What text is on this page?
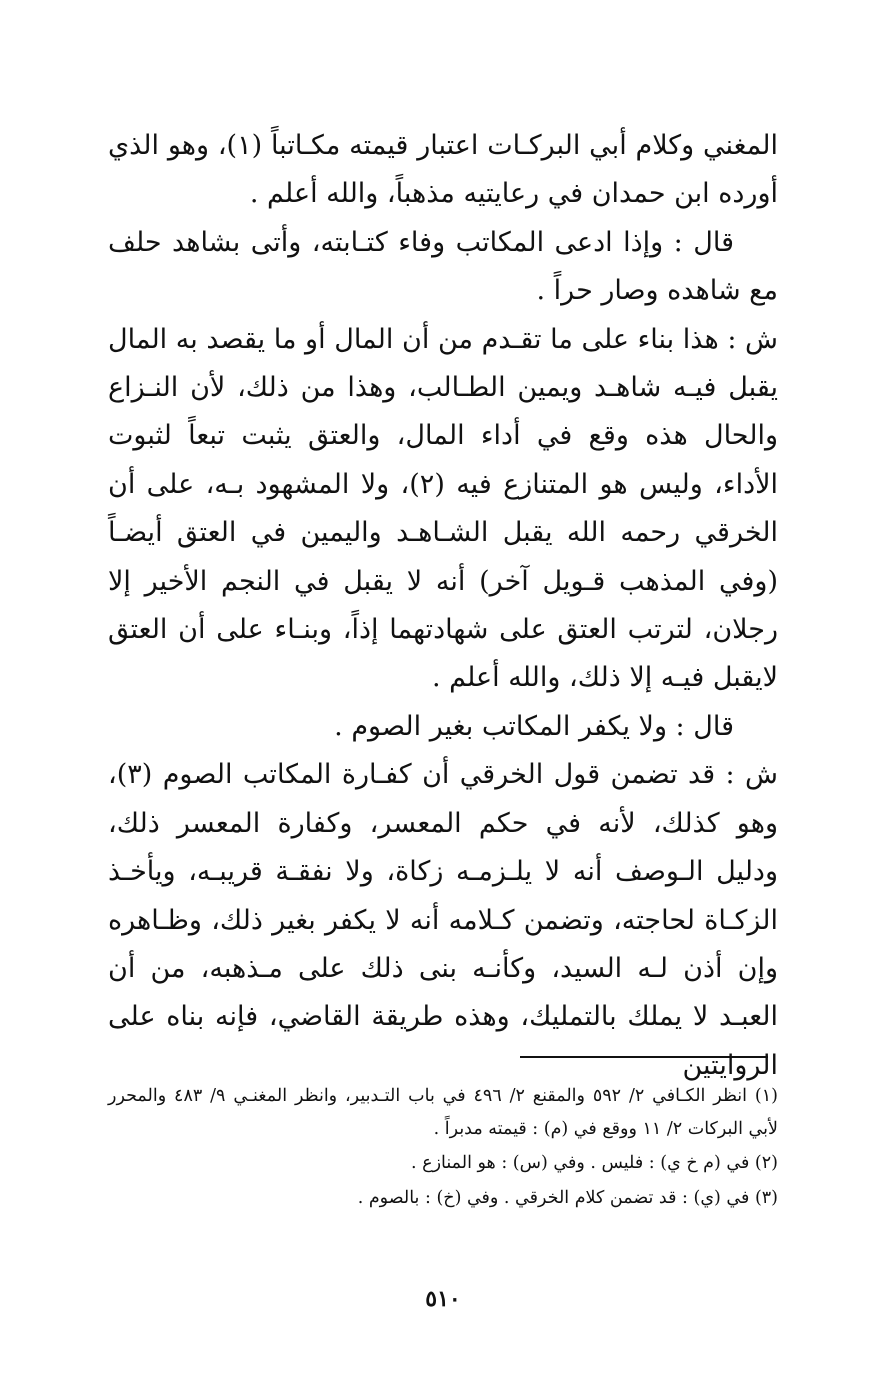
المغني وكلام أبي البركـات اعتبار قيمته مكـاتباً (١)، وهو الذي أورده ابن حمدان في رعايتيه مذهباً، والله أعلم .

قال : وإذا ادعى المكاتب وفاء كتـابته، وأتى بشاهد حلف مع شاهده وصار حراً .

ش : هذا بناء على ما تقـدم من أن المال أو ما يقصد به المال يقبل فيـه شاهـد ويمين الطـالب، وهذا من ذلك، لأن النـزاع والحال هذه وقع في أداء المال، والعتق يثبت تبعاً لثبوت الأداء، وليس هو المتنازع فيه (٢)، ولا المشهود بـه، على أن الخرقي رحمه الله يقبل الشـاهـد واليمين في العتق أيضـاً (وفي المذهب قـويل آخر) أنه لا يقبل في النجم الأخير إلا رجلان، لترتب العتق على شهادتهما إذاً، وبنـاء على أن العتق لايقبل فيـه إلا ذلك، والله أعلم .

قال : ولا يكفر المكاتب بغير الصوم .

ش : قد تضمن قول الخرقي أن كفـارة المكاتب الصوم (٣)، وهو كذلك، لأنه في حكم المعسر، وكفارة المعسر ذلك، ودليل الـوصف أنه لا يلـزمـه زكاة، ولا نفقـة قريبـه، ويأخـذ الزكـاة لحاجته، وتضمن كـلامه أنه لا يكفر بغير ذلك، وظـاهره وإن أذن لـه السيد، وكأنـه بنى ذلك على مـذهبه، من أن العبـد لا يملك بالتمليك، وهذه طريقة القاضي، فإنه بناه على الروايتين

(١) انظر الكـافي ٢/ ٥٩٢ والمقنع ٢/ ٤٩٦ في باب التـدبير، وانظر المغنـي ٩/ ٤٨٣ والمحرر لأبي البركات ٢/ ١١ ووقع في (م) : قيمته مدبراً .

(٢) في (م خ ي) : فليس . وفي (س) : هو المنازع .

(٣) في (ي) : قد تضمن كلام الخرقي . وفي (خ) : بالصوم .

٥١٠
